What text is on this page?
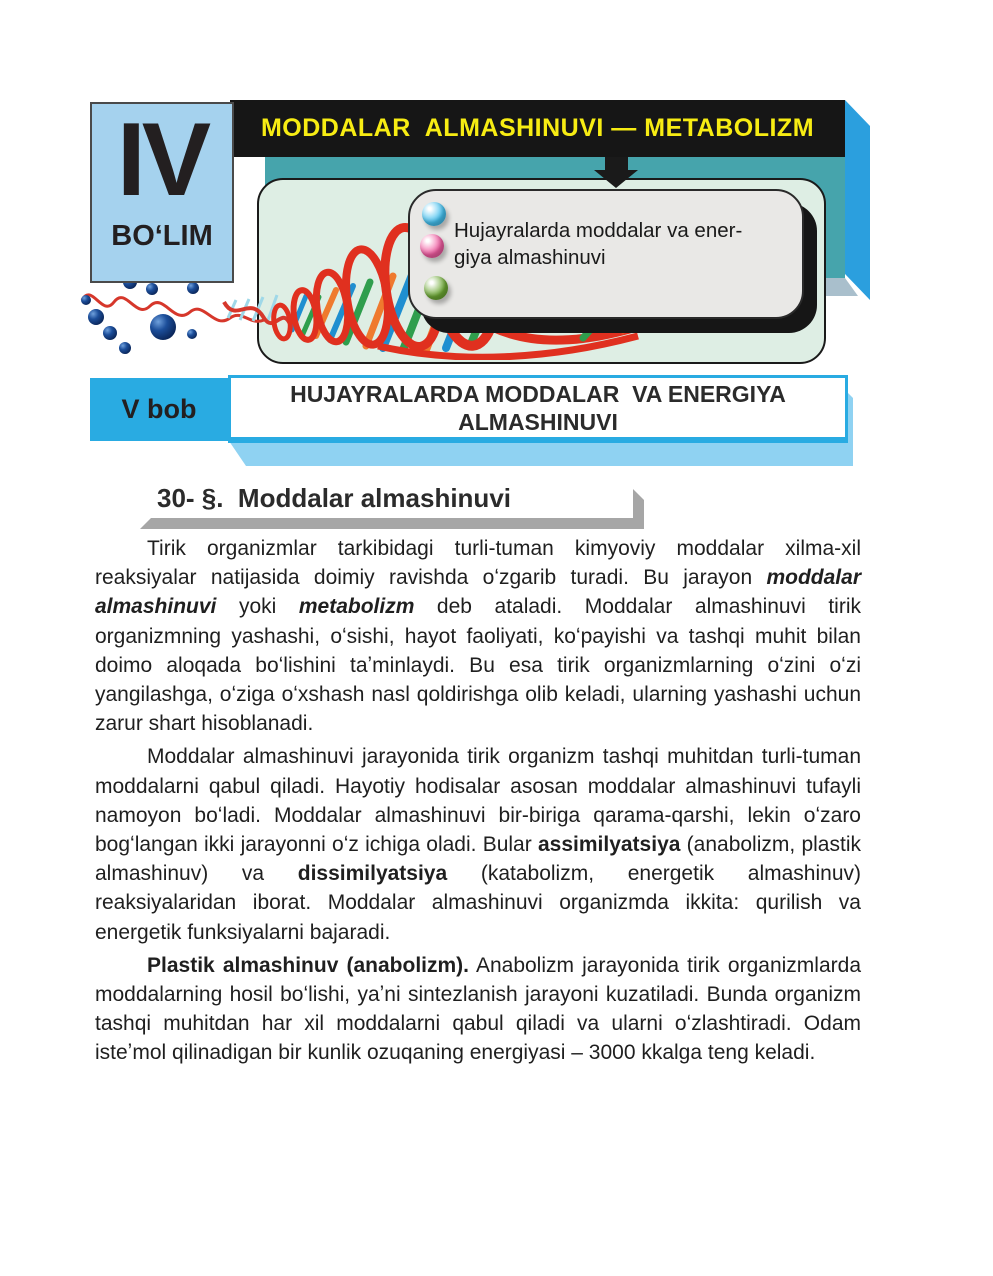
IV
BOʻLIM
MODDALAR  ALMASHINUVI — METABOLIZM
Hujayralarda moddalar va ener-
giya almashinuvi
V bob
HUJAYRALARDA MODDALAR  VA ENERGIYA
ALMASHINUVI
30- §.  Moddalar almashinuvi

Tirik organizmlar tarkibidagi turli-tuman kimyoviy moddalar xilma-xil reaksiyalar natijasida doimiy ravishda oʻzgarib turadi. Bu jarayon moddalar almashinuvi yoki metabolizm deb ataladi. Moddalar almashinuvi tirik organizmning yashashi, oʻsishi, hayot faoliyati, koʻpayishi va tashqi muhit bilan doimo aloqada boʻlishini taʼminlaydi. Bu esa tirik organizmlarning oʻzini oʻzi yangilashga, oʻziga oʻxshash nasl qoldirishga olib keladi, ularning yashashi uchun zarur shart hisoblanadi.

Moddalar almashinuvi jarayonida tirik organizm tashqi muhitdan turli-tuman moddalarni qabul qiladi. Hayotiy hodisalar asosan moddalar almashinuvi tufayli namoyon boʻladi. Moddalar almashinuvi bir-biriga qarama-qarshi, lekin oʻzaro bogʻlangan ikki jarayonni oʻz ichiga oladi. Bular assimilyatsiya (anabolizm, plastik almashinuv) va dissimilyatsiya (katabolizm, energetik almashinuv) reaksiyalaridan iborat. Moddalar almashinuvi organizmda ikkita: qurilish va energetik funksiyalarni bajaradi.

Plastik almashinuv (anabolizm). Anabolizm jarayonida tirik organizmlarda moddalarning hosil boʻlishi, yaʼni sintezlanish jarayoni kuzatiladi. Bunda organizm tashqi muhitdan har xil moddalarni qabul qiladi va ularni oʻzlashtiradi. Odam isteʼmol qilinadigan bir kunlik ozuqaning energiyasi – 3000 kkalga teng keladi.
